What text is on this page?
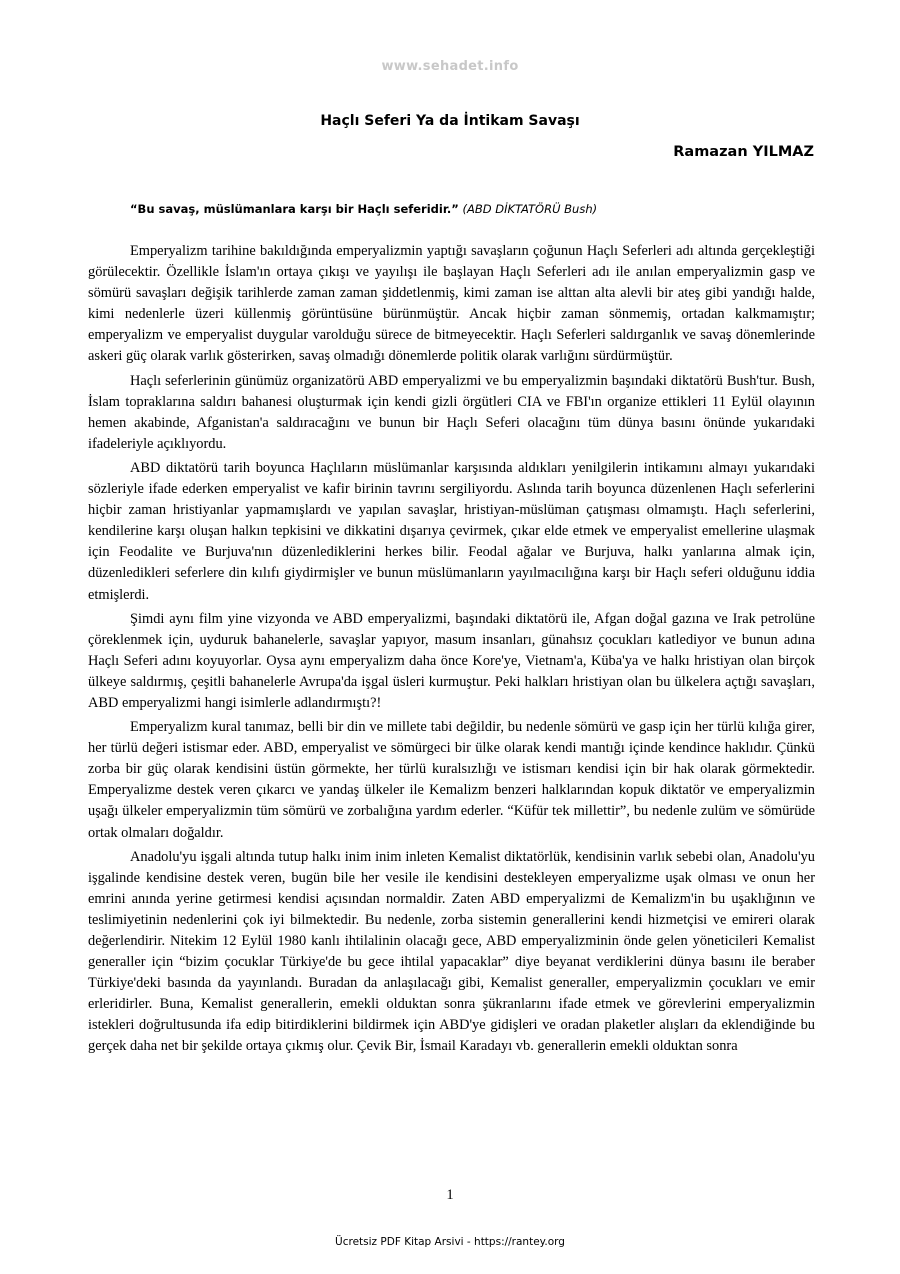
www.sehadet.info
Haçlı Seferi Ya da İntikam Savaşı
Ramazan YILMAZ
“Bu savaş, müslümanlara karşı bir Haçlı seferidir.” (ABD DİKTATÖRÜ Bush)

Emperyalizm tarihine bakıldığında emperyalizmin yaptığı savaşların çoğunun Haçlı Seferleri adı altında gerçekleştiği görülecektir. Özellikle İslam'ın ortaya çıkışı ve yayılışı ile başlayan Haçlı Seferleri adı ile anılan emperyalizmin gasp ve sömürü savaşları değişik tarihlerde zaman zaman şiddetlenmiş, kimi zaman ise alttan alta alevli bir ateş gibi yandığı halde, kimi nedenlerle üzeri küllenmiş görüntüsüne bürünmüştür. Ancak hiçbir zaman sönmemiş, ortadan kalkmamıştır; emperyalizm ve emperyalist duygular varolduğu sürece de bitmeyecektir. Haçlı Seferleri saldırganlık ve savaş dönemlerinde askeri güç olarak varlık gösterirken, savaş olmadığı dönemlerde politik olarak varlığını sürdürmüştür.

Haçlı seferlerinin günümüz organizatörü ABD emperyalizmi ve bu emperyalizmin başındaki diktatörü Bush'tur. Bush, İslam topraklarına saldırı bahanesi oluşturmak için kendi gizli örgütleri CIA ve FBI'ın organize ettikleri 11 Eylül olayının hemen akabinde, Afganistan'a saldıracağını ve bunun bir Haçlı Seferi olacağını tüm dünya basını önünde yukarıdaki ifadeleriyle açıklıyordu.

ABD diktatörü tarih boyunca Haçlıların müslümanlar karşısında aldıkları yenilgilerin intikamını almayı yukarıdaki sözleriyle ifade ederken emperyalist ve kafir birinin tavrını sergiliyordu. Aslında tarih boyunca düzenlenen Haçlı seferlerini hiçbir zaman hristiyanlar yapmamışlardı ve yapılan savaşlar, hristiyan-müslüman çatışması olmamıştı. Haçlı seferlerini, kendilerine karşı oluşan halkın tepkisini ve dikkatini dışarıya çevirmek, çıkar elde etmek ve emperyalist emellerine ulaşmak için Feodalite ve Burjuva'nın düzenlediklerini herkes bilir. Feodal ağalar ve Burjuva, halkı yanlarına almak için, düzenledikleri seferlere din kılıfı giydirmişler ve bunun müslümanların yayılmacılığına karşı bir Haçlı seferi olduğunu iddia etmişlerdi.

Şimdi aynı film yine vizyonda ve ABD emperyalizmi, başındaki diktatörü ile, Afgan doğal gazına ve Irak petrolüne çöreklenmek için, uyduruk bahanelerle, savaşlar yapıyor, masum insanları, günahsız çocukları katlediyor ve bunun adına Haçlı Seferi adını koyuyorlar. Oysa aynı emperyalizm daha önce Kore'ye, Vietnam'a, Küba'ya ve halkı hristiyan olan birçok ülkeye saldırmış, çeşitli bahanelerle Avrupa'da işgal üsleri kurmuştur. Peki halkları hristiyan olan bu ülkelera açtığı savaşları, ABD emperyalizmi hangi isimlerle adlandırmıştı?!

Emperyalizm kural tanımaz, belli bir din ve millete tabi değildir, bu nedenle sömürü ve gasp için her türlü kılığa girer, her türlü değeri istismar eder. ABD, emperyalist ve sömürgeci bir ülke olarak kendi mantığı içinde kendince haklıdır. Çünkü zorba bir güç olarak kendisini üstün görmekte, her türlü kuralsızlığı ve istismarı kendisi için bir hak olarak görmektedir. Emperyalizme destek veren çıkarcı ve yandaş ülkeler ile Kemalizm benzeri halklarından kopuk diktatör ve emperyalizmin uşağı ülkeler emperyalizmin tüm sömürü ve zorbalığına yardım ederler. “Küfür tek millettir”, bu nedenle zulüm ve sömürüde ortak olmaları doğaldır.

Anadolu'yu işgali altında tutup halkı inim inim inleten Kemalist diktatörlük, kendisinin varlık sebebi olan, Anadolu'yu işgalinde kendisine destek veren, bugün bile her vesile ile kendisini destekleyen emperyalizme uşak olması ve onun her emrini anında yerine getirmesi kendisi açısından normaldir. Zaten ABD emperyalizmi de Kemalizm'in bu uşaklığının ve teslimiyetinin nedenlerini çok iyi bilmektedir. Bu nedenle, zorba sistemin generallerini kendi hizmetçisi ve emireri olarak değerlendirir. Nitekim 12 Eylül 1980 kanlı ihtilalinin olacağı gece, ABD emperyalizminin önde gelen yöneticileri Kemalist generaller için “bizim çocuklar Türkiye'de bu gece ihtilal yapacaklar” diye beyanat verdiklerini dünya basını ile beraber Türkiye'deki basında da yayınlandı. Buradan da anlaşılacağı gibi, Kemalist generaller, emperyalizmin çocukları ve emir erleridirler. Buna, Kemalist generallerin, emekli olduktan sonra şükranlarını ifade etmek ve görevlerini emperyalizmin istekleri doğrultusunda ifa edip bitirdiklerini bildirmek için ABD'ye gidişleri ve oradan plaketler alışları da eklendiğinde bu gerçek daha net bir şekilde ortaya çıkmış olur. Çevik Bir, İsmail Karadayı vb. generallerin emekli olduktan sonra

1
Ücretsiz PDF Kitap Arsivi - https://rantey.org
